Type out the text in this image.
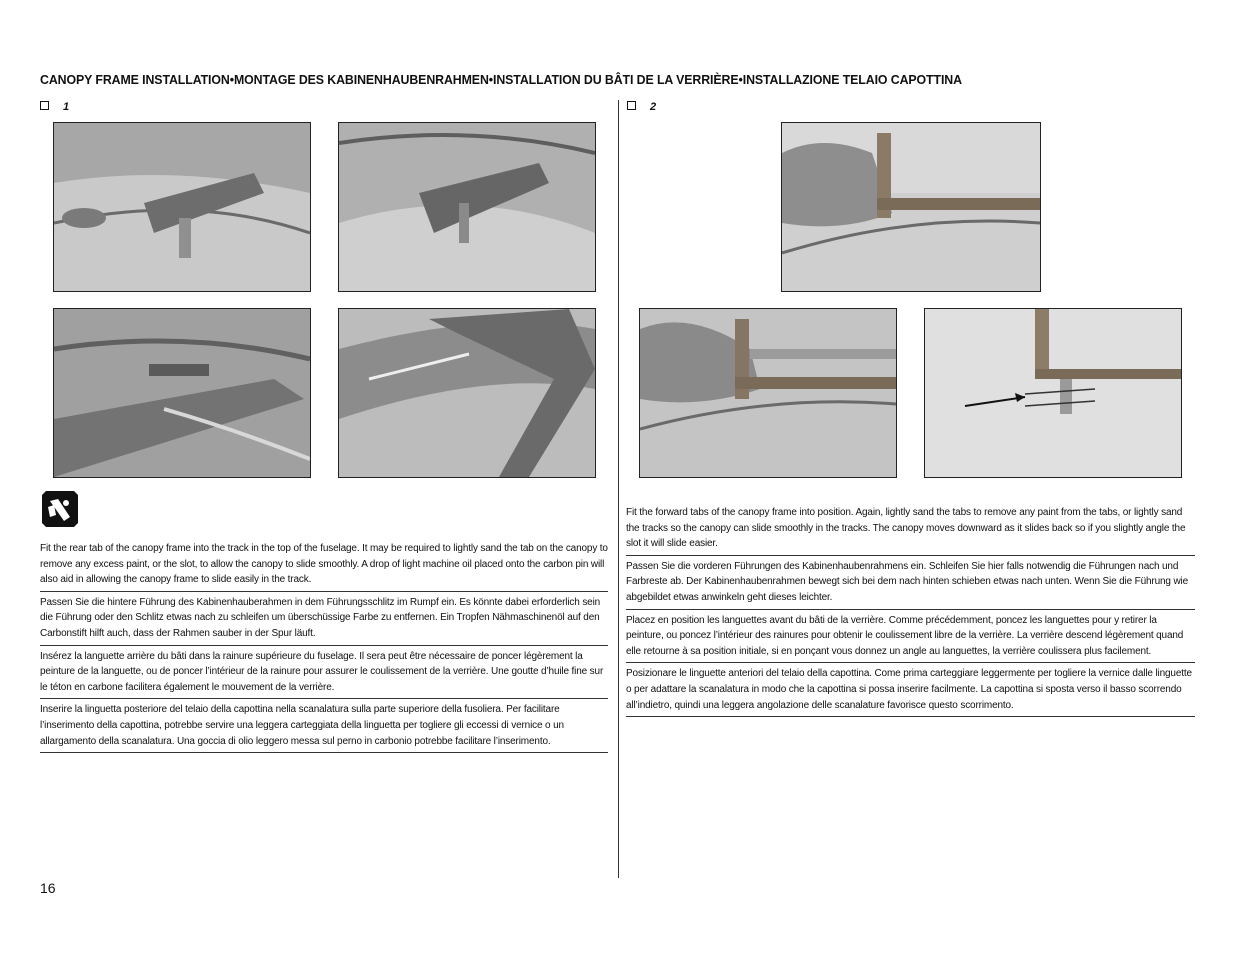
CANOPY FRAME INSTALLATION•MONTAGE DES KABINENHAUBENRAHMEN•INSTALLATION DU BÂTI DE LA VERRIÈRE•INSTALLAZIONE TELAIO CAPOTTINA
1	2

Fit the rear tab of the canopy frame into the track in the top of the fuselage. It may be required to lightly sand the tab on the canopy to remove any excess paint, or the slot, to allow the canopy to slide smoothly. A drop of light machine oil placed onto the carbon pin will also aid in allowing the canopy frame to slide easily in the track.

Passen Sie die hintere Führung des Kabinenhauberahmen in dem Führungsschlitz im Rumpf ein. Es könnte dabei erforderlich sein die Führung oder den Schlitz etwas nach zu schleifen um überschüssige Farbe zu entfernen. Ein Tropfen Nähmaschinenöl auf den Carbonstift hilft auch, dass der Rahmen sauber in der Spur läuft.

Insérez la languette arrière du bâti dans la rainure supérieure du fuselage. Il sera peut être nécessaire de poncer légèrement la peinture de la languette, ou de poncer l’intérieur de la rainure pour assurer le coulissement de la verrière. Une goutte d’huile fine sur le téton en carbone facilitera également le mouvement de la verrière.

Inserire la linguetta posteriore del telaio della capottina nella scanalatura sulla parte superiore della fusoliera. Per facilitare l’inserimento della capottina, potrebbe servire una leggera carteggiata della linguetta per togliere gli eccessi di vernice o un allargamento della scanalatura. Una goccia di olio leggero messa sul perno in carbonio potrebbe facilitare l’inserimento.

Fit the forward tabs of the canopy frame into position. Again, lightly sand the tabs to remove any paint from the tabs, or lightly sand the tracks so the canopy can slide smoothly in the tracks. The canopy moves downward as it slides back so if you slightly angle the slot it will slide easier.

Passen Sie die vorderen Führungen des Kabinenhaubenrahmens ein. Schleifen Sie hier falls notwendig die Führungen nach und Farbreste ab. Der Kabinenhaubenrahmen bewegt sich bei dem nach hinten schieben etwas nach unten. Wenn Sie die Führung wie abgebildet etwas anwinkeln geht dieses leichter.

Placez en position les languettes avant du bâti de la verrière. Comme précédemment, poncez les languettes pour y retirer la peinture, ou poncez l’intérieur des rainures pour obtenir le coulissement libre de la verrière. La verrière descend légèrement quand elle retourne à sa position initiale, si en ponçant vous donnez un angle au languettes, la verrière coulissera plus facilement.

Posizionare le linguette anteriori del telaio della capottina. Come prima carteggiare leggermente per togliere la vernice dalle linguette o per adattare la scanalatura in modo che la capottina si possa inserire facilmente. La capottina si sposta verso il basso scorrendo all’indietro, quindi una leggera angolazione delle scanalature favorisce questo scorrimento.

16
